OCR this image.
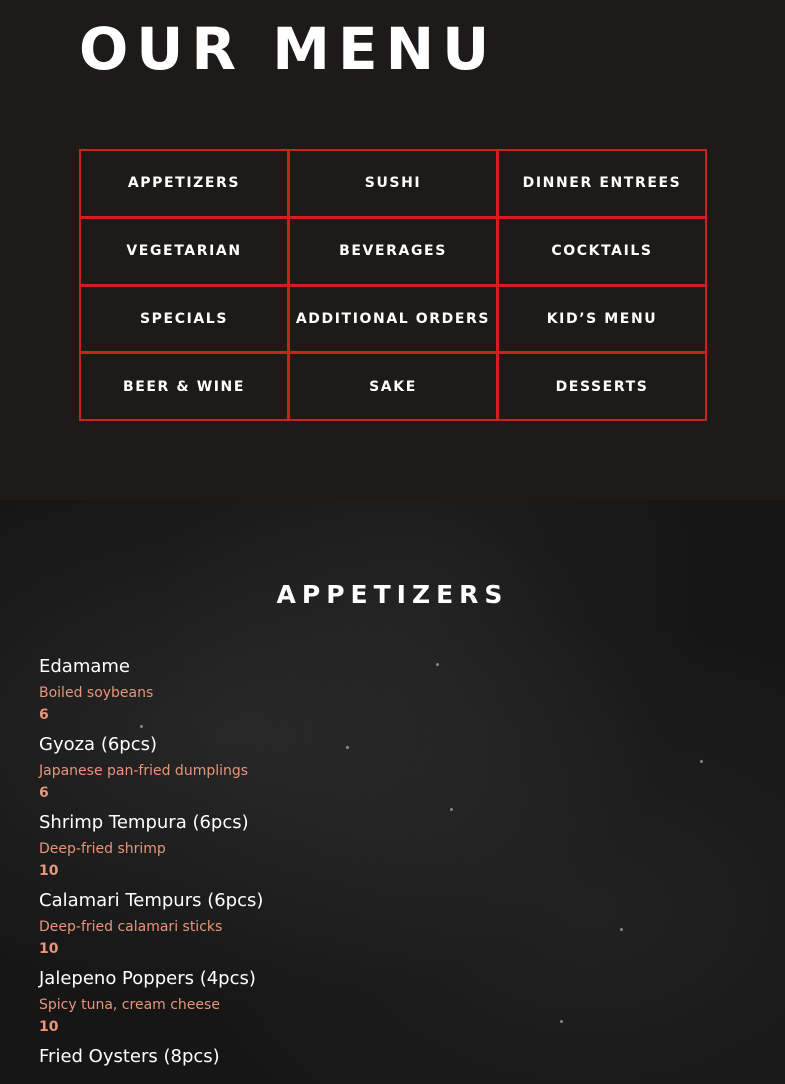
OUR MENU
APPETIZERS	SUSHI	DINNER ENTREES
VEGETARIAN	BEVERAGES	COCKTAILS
SPECIALS	ADDITIONAL ORDERS	KID’S MENU
BEER & WINE	SAKE	DESSERTS
APPETIZERS
Edamame
Boiled soybeans
6
Gyoza (6pcs)
Japanese pan-fried dumplings
6
Shrimp Tempura (6pcs)
Deep-fried shrimp
10
Calamari Tempurs (6pcs)
Deep-fried calamari sticks
10
Jalepeno Poppers (4pcs)
Spicy tuna, cream cheese
10
Fried Oysters (8pcs)
